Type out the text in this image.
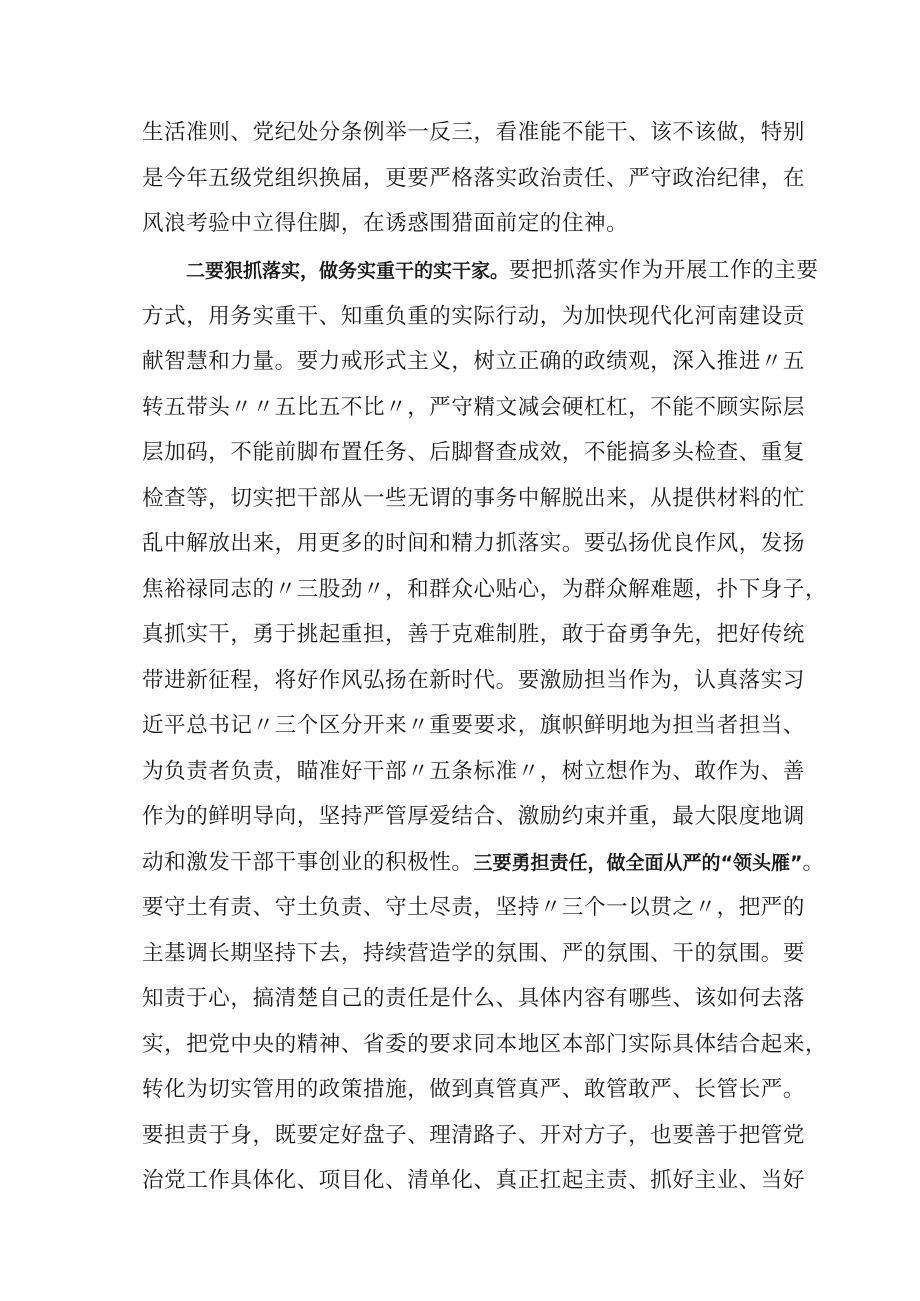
生活准则、党纪处分条例举一反三，看准能不能干、该不该做，特别
是今年五级党组织换届，更要严格落实政治责任、严守政治纪律，在
风浪考验中立得住脚，在诱惑围猎面前定的住神。
二要狠抓落实，做务实重干的实干家。要把抓落实作为开展工作的主要
方式，用务实重干、知重负重的实际行动，为加快现代化河南建设贡
献智慧和力量。要力戒形式主义，树立正确的政绩观，深入推进〃五
转五带头〃〃五比五不比〃，严守精文减会硬杠杠，不能不顾实际层
层加码，不能前脚布置任务、后脚督查成效，不能搞多头检查、重复
检查等，切实把干部从一些无谓的事务中解脱出来，从提供材料的忙
乱中解放出来，用更多的时间和精力抓落实。要弘扬优良作风，发扬
焦裕禄同志的〃三股劲〃，和群众心贴心，为群众解难题，扑下身子，
真抓实干，勇于挑起重担，善于克难制胜，敢于奋勇争先，把好传统
带进新征程，将好作风弘扬在新时代。要激励担当作为，认真落实习
近平总书记〃三个区分开来〃重要要求，旗帜鲜明地为担当者担当、
为负责者负责，瞄准好干部〃五条标准〃，树立想作为、敢作为、善
作为的鲜明导向，坚持严管厚爱结合、激励约束并重，最大限度地调
动和激发干部干事创业的积极性。三要勇担责任，做全面从严的“领头雁”。
要守土有责、守土负责、守土尽责，坚持〃三个一以贯之〃，把严的
主基调长期坚持下去，持续营造学的氛围、严的氛围、干的氛围。要
知责于心，搞清楚自己的责任是什么、具体内容有哪些、该如何去落
实，把党中央的精神、省委的要求同本地区本部门实际具体结合起来，
转化为切实管用的政策措施，做到真管真严、敢管敢严、长管长严。
要担责于身，既要定好盘子、理清路子、开对方子，也要善于把管党
治党工作具体化、项目化、清单化、真正扛起主责、抓好主业、当好
